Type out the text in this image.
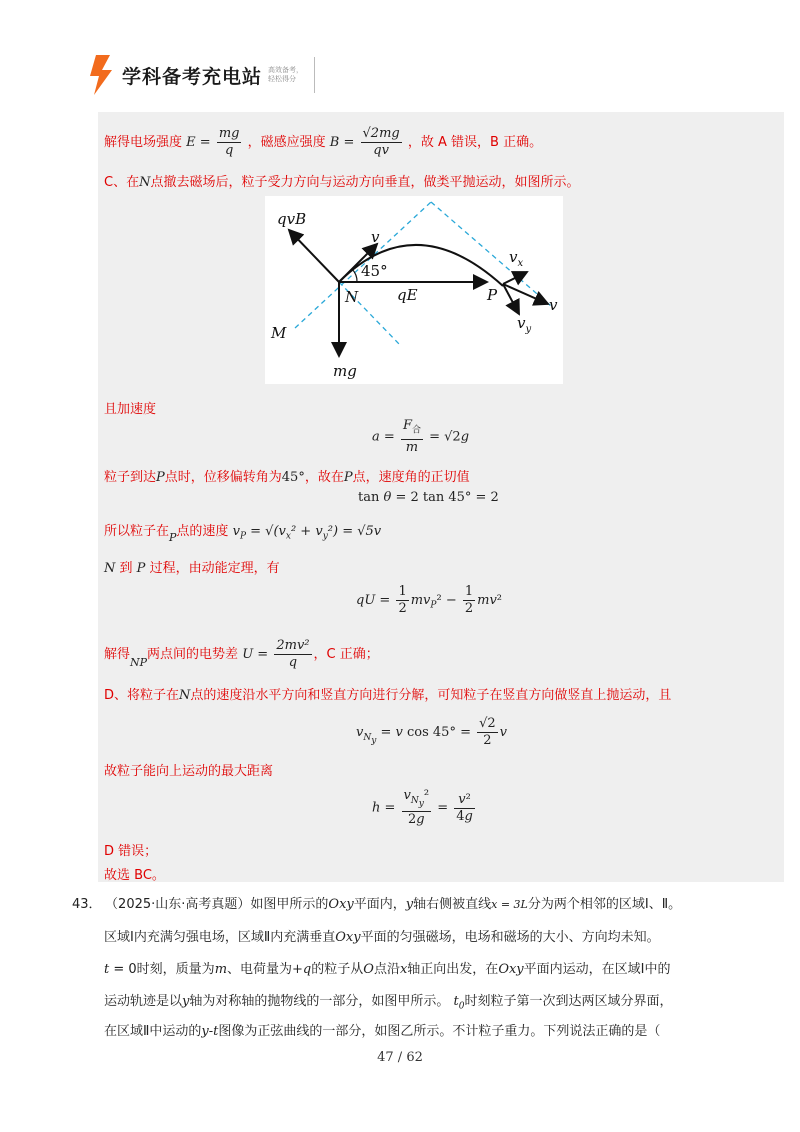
学科备考充电站 高效备考，轻松得分
解得电场强度 $E = \frac{mg}{q}$ ，磁感应强度 $B = \frac{√2mg}{qv}$ ，故 A 错误，B 正确。
C、在N点撤去磁场后，粒子受力方向与运动方向垂直，做类平抛运动，如图所示。
qvB
v
45°
qE
N	P
$v_x$
v
$v_y$
M
mg
且加速度
$a = \frac{F_合}{m} = √2g$
粒子到达P点时，位移偏转角为45°，故在P点，速度角的正切值
tan θ = 2 tan 45° = 2
所以粒子在$_P$点的速度 $v_P = √(v_x^2 + v_y^2) = √5v$
N 到 P 过程，由动能定理，有
qU = $\frac{1}{2} mv_P^2 - \frac{1}{2} mv^2$
解得$_{NP}$两点间的电势差 $U = \frac{\text{2mv²}}{q}$ ，C 正确；
D、将粒子在N点的速度沿水平方向和竖直方向进行分解，可知粒子在竖直方向做竖直上抛运动，且
$v_{N_y} = v$ $\cos 45^\circ = \frac{√2}{2}$ v
故粒子能向上运动的最大距离
$h = \frac{v_{N_y}^2}{2g} = \frac{\text{v²}}{4g}$
D 错误；
故选 BC。
43． （2025·山东·高考真题）如图甲所示的Oxy平面内，y轴右侧被直线x = 3L分为两个相邻的区域Ⅰ、Ⅱ。
区域Ⅰ内充满匀强电场，区域Ⅱ内充满垂直Oxy平面的匀强磁场，电场和磁场的大小、方向均未知。
t = 0时刻，质量为m、电荷量为+q的粒子从O点沿x轴正向出发，在Oxy平面内运动，在区域Ⅰ中的
运动轨迹是以y轴为对称轴的抛物线的一部分，如图甲所示。 $t_0$时刻粒子第一次到达两区域分界面，
在区域Ⅱ中运动的y-t图像为正弦曲线的一部分，如图乙所示。不计粒子重力。下列说法正确的是（
47 / 62
